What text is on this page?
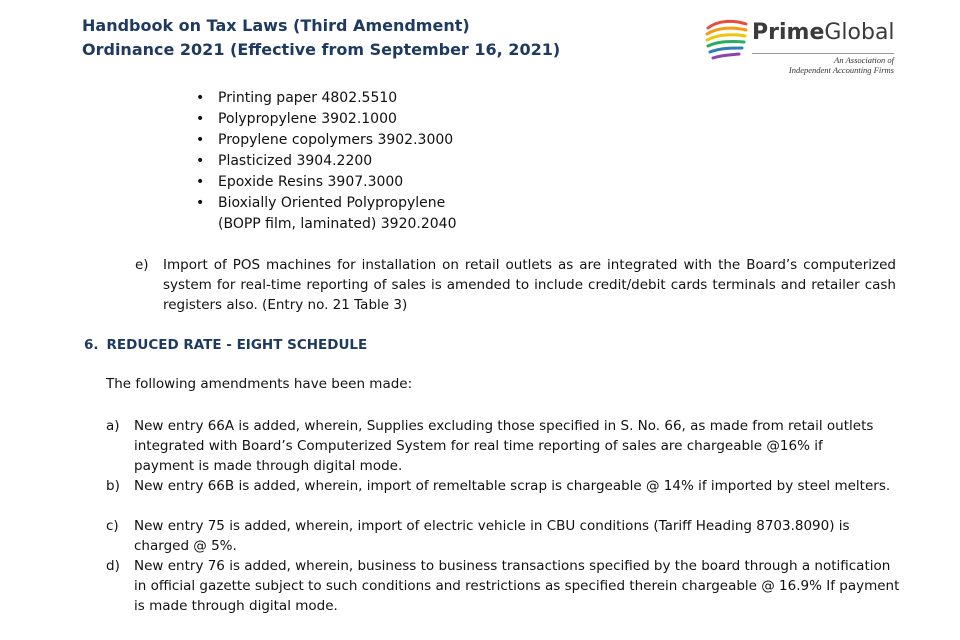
Handbook on Tax Laws (Third Amendment)
Ordinance 2021 (Effective from September 16, 2021)
PrimeGlobal
An Association of
Independent Accounting Firms
• Printing paper 4802.5510
• Polypropylene 3902.1000
• Propylene copolymers 3902.3000
• Plasticized 3904.2200
• Epoxide Resins 3907.3000
• Bioxially Oriented Polypropylene
(BOPP film, laminated) 3920.2040
e) Import of POS machines for installation on retail outlets as are integrated with the Board’s computerized system for real-time reporting of sales is amended to include credit/debit cards terminals and retailer cash registers also. (Entry no. 21 Table 3)
6. REDUCED RATE - EIGHT SCHEDULE
The following amendments have been made:
a) New entry 66A is added, wherein, Supplies excluding those specified in S. No. 66, as made from retail outlets integrated with Board’s Computerized System for real time reporting of sales are chargeable @16% if payment is made through digital mode.
b) New entry 66B is added, wherein, import of remeltable scrap is chargeable @ 14% if imported by steel melters.
c) New entry 75 is added, wherein, import of electric vehicle in CBU conditions (Tariff Heading 8703.8090) is charged @ 5%.
d) New entry 76 is added, wherein, business to business transactions specified by the board through a notification in official gazette subject to such conditions and restrictions as specified therein chargeable @ 16.9% If payment is made through digital mode.
